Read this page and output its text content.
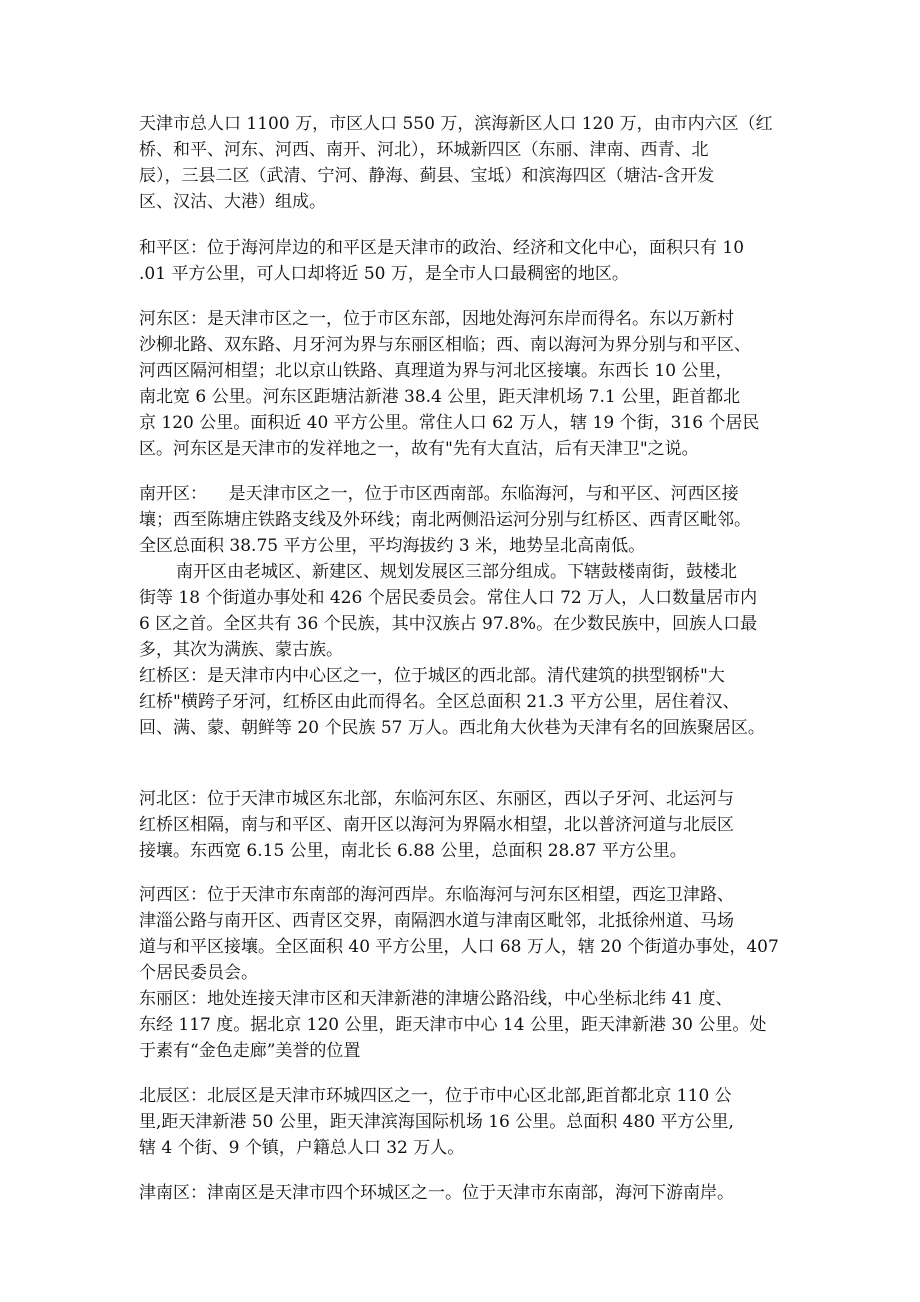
天津市总人口 1100 万，市区人口 550 万，滨海新区人口 120 万，由市内六区（红
桥、和平、河东、河西、南开、河北），环城新四区（东丽、津南、西青、北
辰），三县二区（武清、宁河、静海、蓟县、宝坻）和滨海四区（塘沽-含开发
区、汉沽、大港）组成。
和平区：位于海河岸边的和平区是天津市的政治、经济和文化中心，面积只有 10
.01 平方公里，可人口却将近 50 万，是全市人口最稠密的地区。
河东区：是天津市区之一，位于市区东部，因地处海河东岸而得名。东以万新村
沙柳北路、双东路、月牙河为界与东丽区相临；西、南以海河为界分别与和平区、
河西区隔河相望；北以京山铁路、真理道为界与河北区接壤。东西长 10 公里，
南北宽 6 公里。河东区距塘沽新港 38.4 公里，距天津机场 7.1 公里，距首都北
京 120 公里。面积近 40 平方公里。常住人口 62 万人，辖 19 个街，316 个居民
区。河东区是天津市的发祥地之一，故有"先有大直沽，后有天津卫"之说。
南开区：    是天津市区之一，位于市区西南部。东临海河，与和平区、河西区接
壤；西至陈塘庄铁路支线及外环线；南北两侧沿运河分别与红桥区、西青区毗邻。
全区总面积 38.75 平方公里，平均海拔约 3 米，地势呈北高南低。
南开区由老城区、新建区、规划发展区三部分组成。下辖鼓楼南街，鼓楼北
街等 18 个街道办事处和 426 个居民委员会。常住人口 72 万人，人口数量居市内
6 区之首。全区共有 36 个民族，其中汉族占 97.8%。在少数民族中，回族人口最
多，其次为满族、蒙古族。
红桥区：是天津市内中心区之一，位于城区的西北部。清代建筑的拱型钢桥"大
红桥"横跨子牙河，红桥区由此而得名。全区总面积 21.3 平方公里，居住着汉、
回、满、蒙、朝鲜等 20 个民族 57 万人。西北角大伙巷为天津有名的回族聚居区。
河北区：位于天津市城区东北部，东临河东区、东丽区，西以子牙河、北运河与
红桥区相隔，南与和平区、南开区以海河为界隔水相望，北以普济河道与北辰区
接壤。东西宽 6.15 公里，南北长 6.88 公里，总面积 28.87 平方公里。
河西区：位于天津市东南部的海河西岸。东临海河与河东区相望，西迄卫津路、
津淄公路与南开区、西青区交界，南隔泗水道与津南区毗邻，北抵徐州道、马场
道与和平区接壤。全区面积 40 平方公里，人口 68 万人，辖 20 个街道办事处，407
个居民委员会。
东丽区：地处连接天津市区和天津新港的津塘公路沿线，中心坐标北纬 41 度、
东经 117 度。据北京 120 公里，距天津市中心 14 公里，距天津新港 30 公里。处
于素有“金色走廊”美誉的位置
北辰区：北辰区是天津市环城四区之一，位于市中心区北部,距首都北京 110 公
里,距天津新港 50 公里，距天津滨海国际机场 16 公里。总面积 480 平方公里,
辖 4 个街、9 个镇，户籍总人口 32 万人。
津南区：津南区是天津市四个环城区之一。位于天津市东南部，海河下游南岸。
